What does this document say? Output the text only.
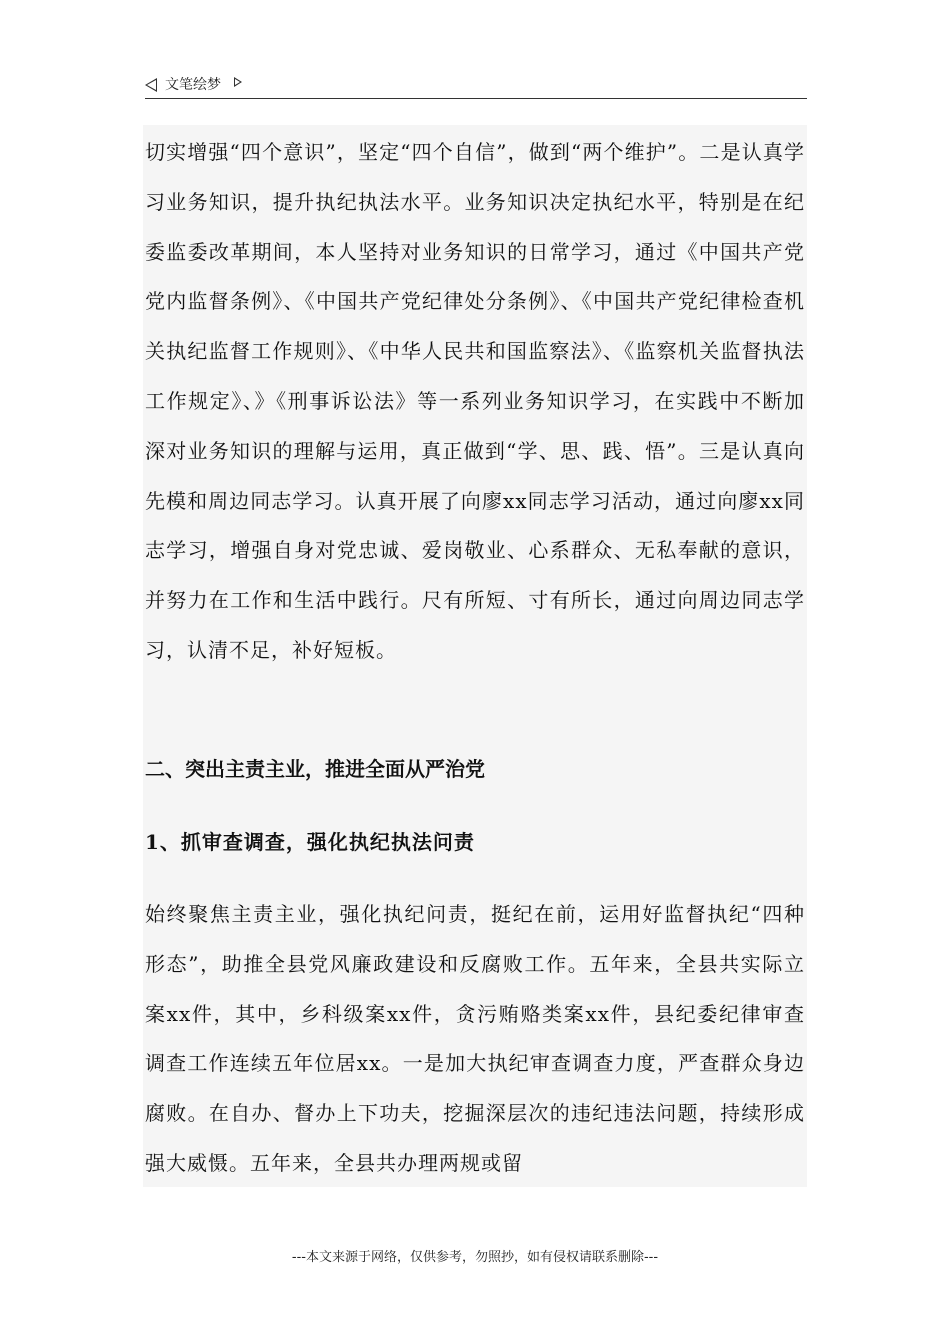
文笔绘梦

切实增强“四个意识”，坚定“四个自信”，做到“两个维护”。二是认真学习业务知识，提升执纪执法水平。业务知识决定执纪水平，特别是在纪委监委改革期间，本人坚持对业务知识的日常学习，通过《中国共产党党内监督条例》、《中国共产党纪律处分条例》、《中国共产党纪律检查机关执纪监督工作规则》、《中华人民共和国监察法》、《监察机关监督执法工作规定》、》《刑事诉讼法》等一系列业务知识学习，在实践中不断加深对业务知识的理解与运用，真正做到“学、思、践、悟”。三是认真向先模和周边同志学习。认真开展了向廖xx同志学习活动，通过向廖xx同志学习，增强自身对党忠诚、爱岗敬业、心系群众、无私奉献的意识，并努力在工作和生活中践行。尺有所短、寸有所长，通过向周边同志学习，认清不足，补好短板。

二、突出主责主业，推进全面从严治党
1、抓审查调查，强化执纪执法问责

始终聚焦主责主业，强化执纪问责，挺纪在前，运用好监督执纪“四种形态”，助推全县党风廉政建设和反腐败工作。五年来，全县共实际立案xx件，其中，乡科级案xx件，贪污贿赂类案xx件，县纪委纪律审查调查工作连续五年位居xx。一是加大执纪审查调查力度，严查群众身边腐败。在自办、督办上下功夫，挖掘深层次的违纪违法问题，持续形成强大威慑。五年来，全县共办理两规或留

---本文来源于网络，仅供参考，勿照抄，如有侵权请联系删除---
